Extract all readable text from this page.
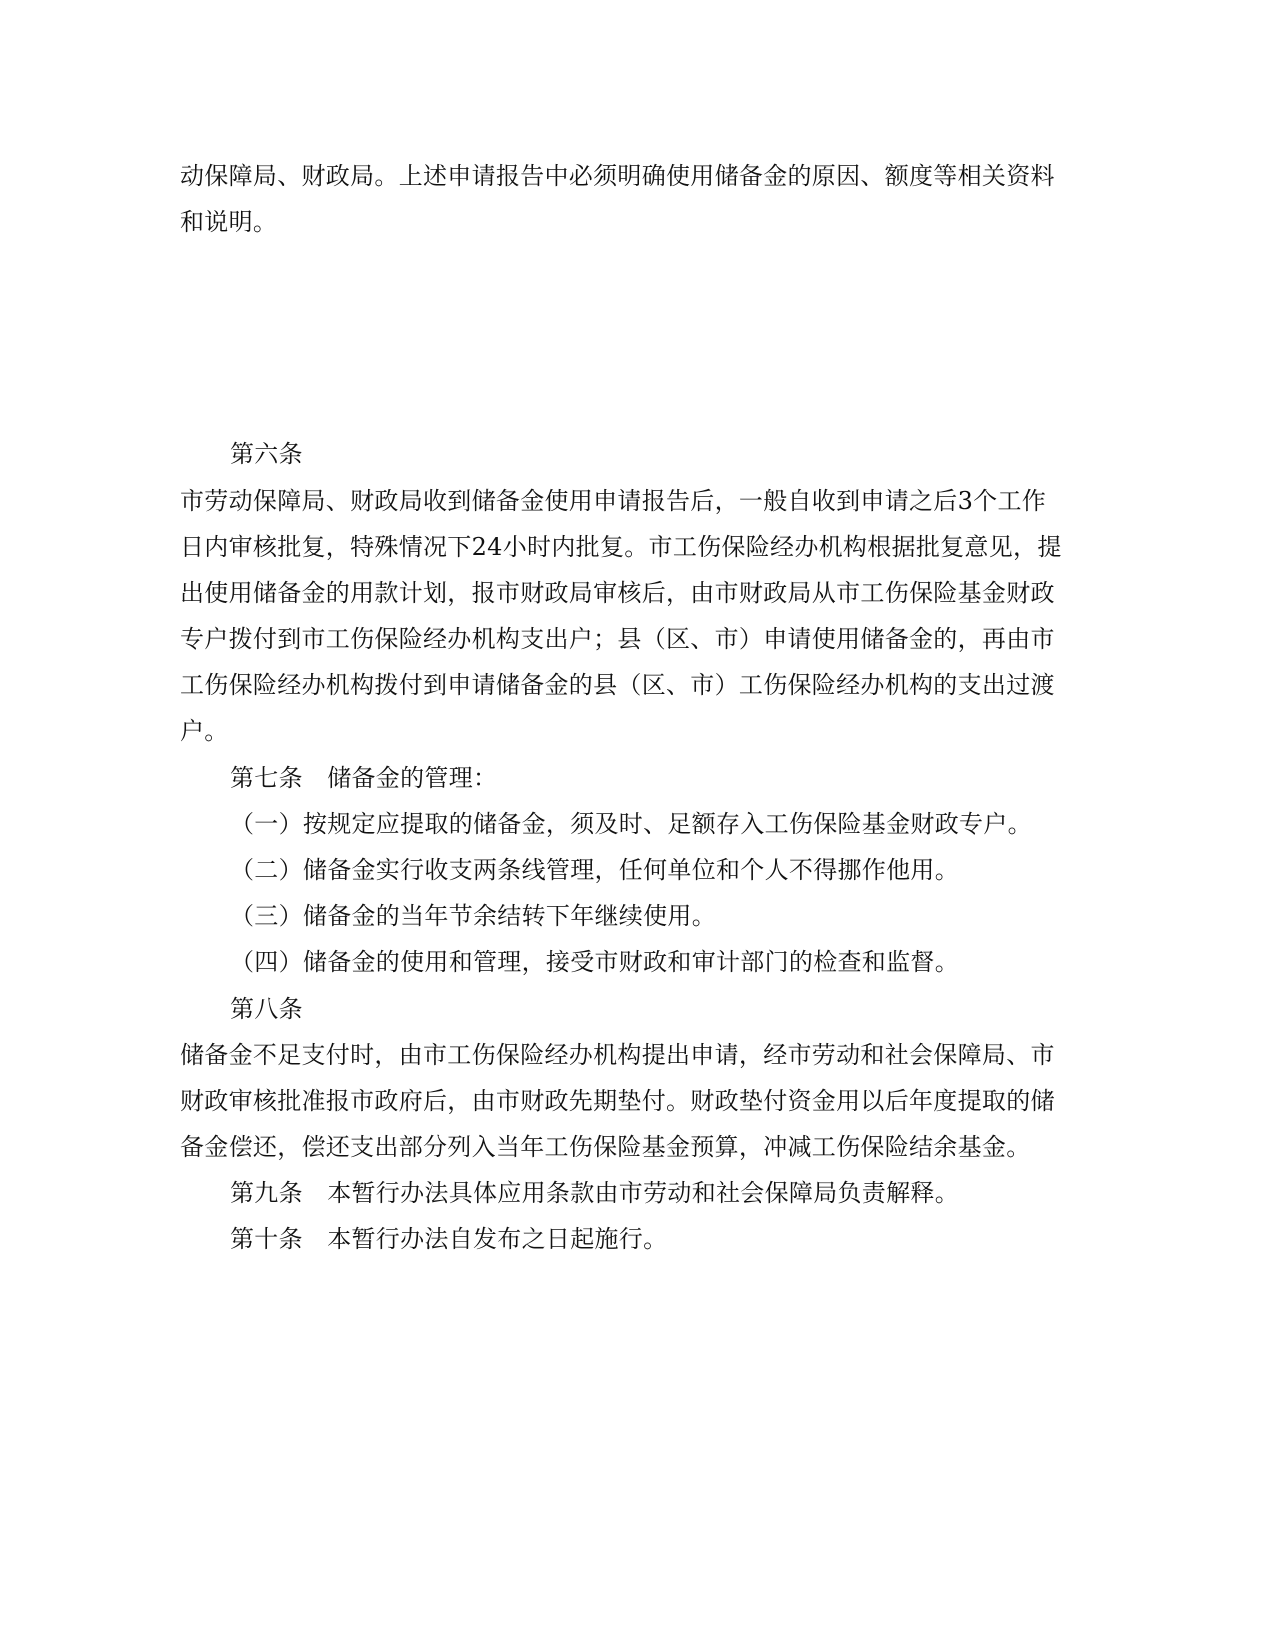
动保障局、财政局。上述申请报告中必须明确使用储备金的原因、额度等相关资料
和说明。
第六条
市劳动保障局、财政局收到储备金使用申请报告后，一般自收到申请之后3个工作
日内审核批复，特殊情况下24小时内批复。市工伤保险经办机构根据批复意见，提
出使用储备金的用款计划，报市财政局审核后，由市财政局从市工伤保险基金财政
专户拨付到市工伤保险经办机构支出户；县（区、市）申请使用储备金的，再由市
工伤保险经办机构拨付到申请储备金的县（区、市）工伤保险经办机构的支出过渡
户。
第七条　储备金的管理：
（一）按规定应提取的储备金，须及时、足额存入工伤保险基金财政专户。
（二）储备金实行收支两条线管理，任何单位和个人不得挪作他用。
（三）储备金的当年节余结转下年继续使用。
（四）储备金的使用和管理，接受市财政和审计部门的检查和监督。
第八条
储备金不足支付时，由市工伤保险经办机构提出申请，经市劳动和社会保障局、市
财政审核批准报市政府后，由市财政先期垫付。财政垫付资金用以后年度提取的储
备金偿还，偿还支出部分列入当年工伤保险基金预算，冲减工伤保险结余基金。
第九条　本暂行办法具体应用条款由市劳动和社会保障局负责解释。
第十条　本暂行办法自发布之日起施行。
